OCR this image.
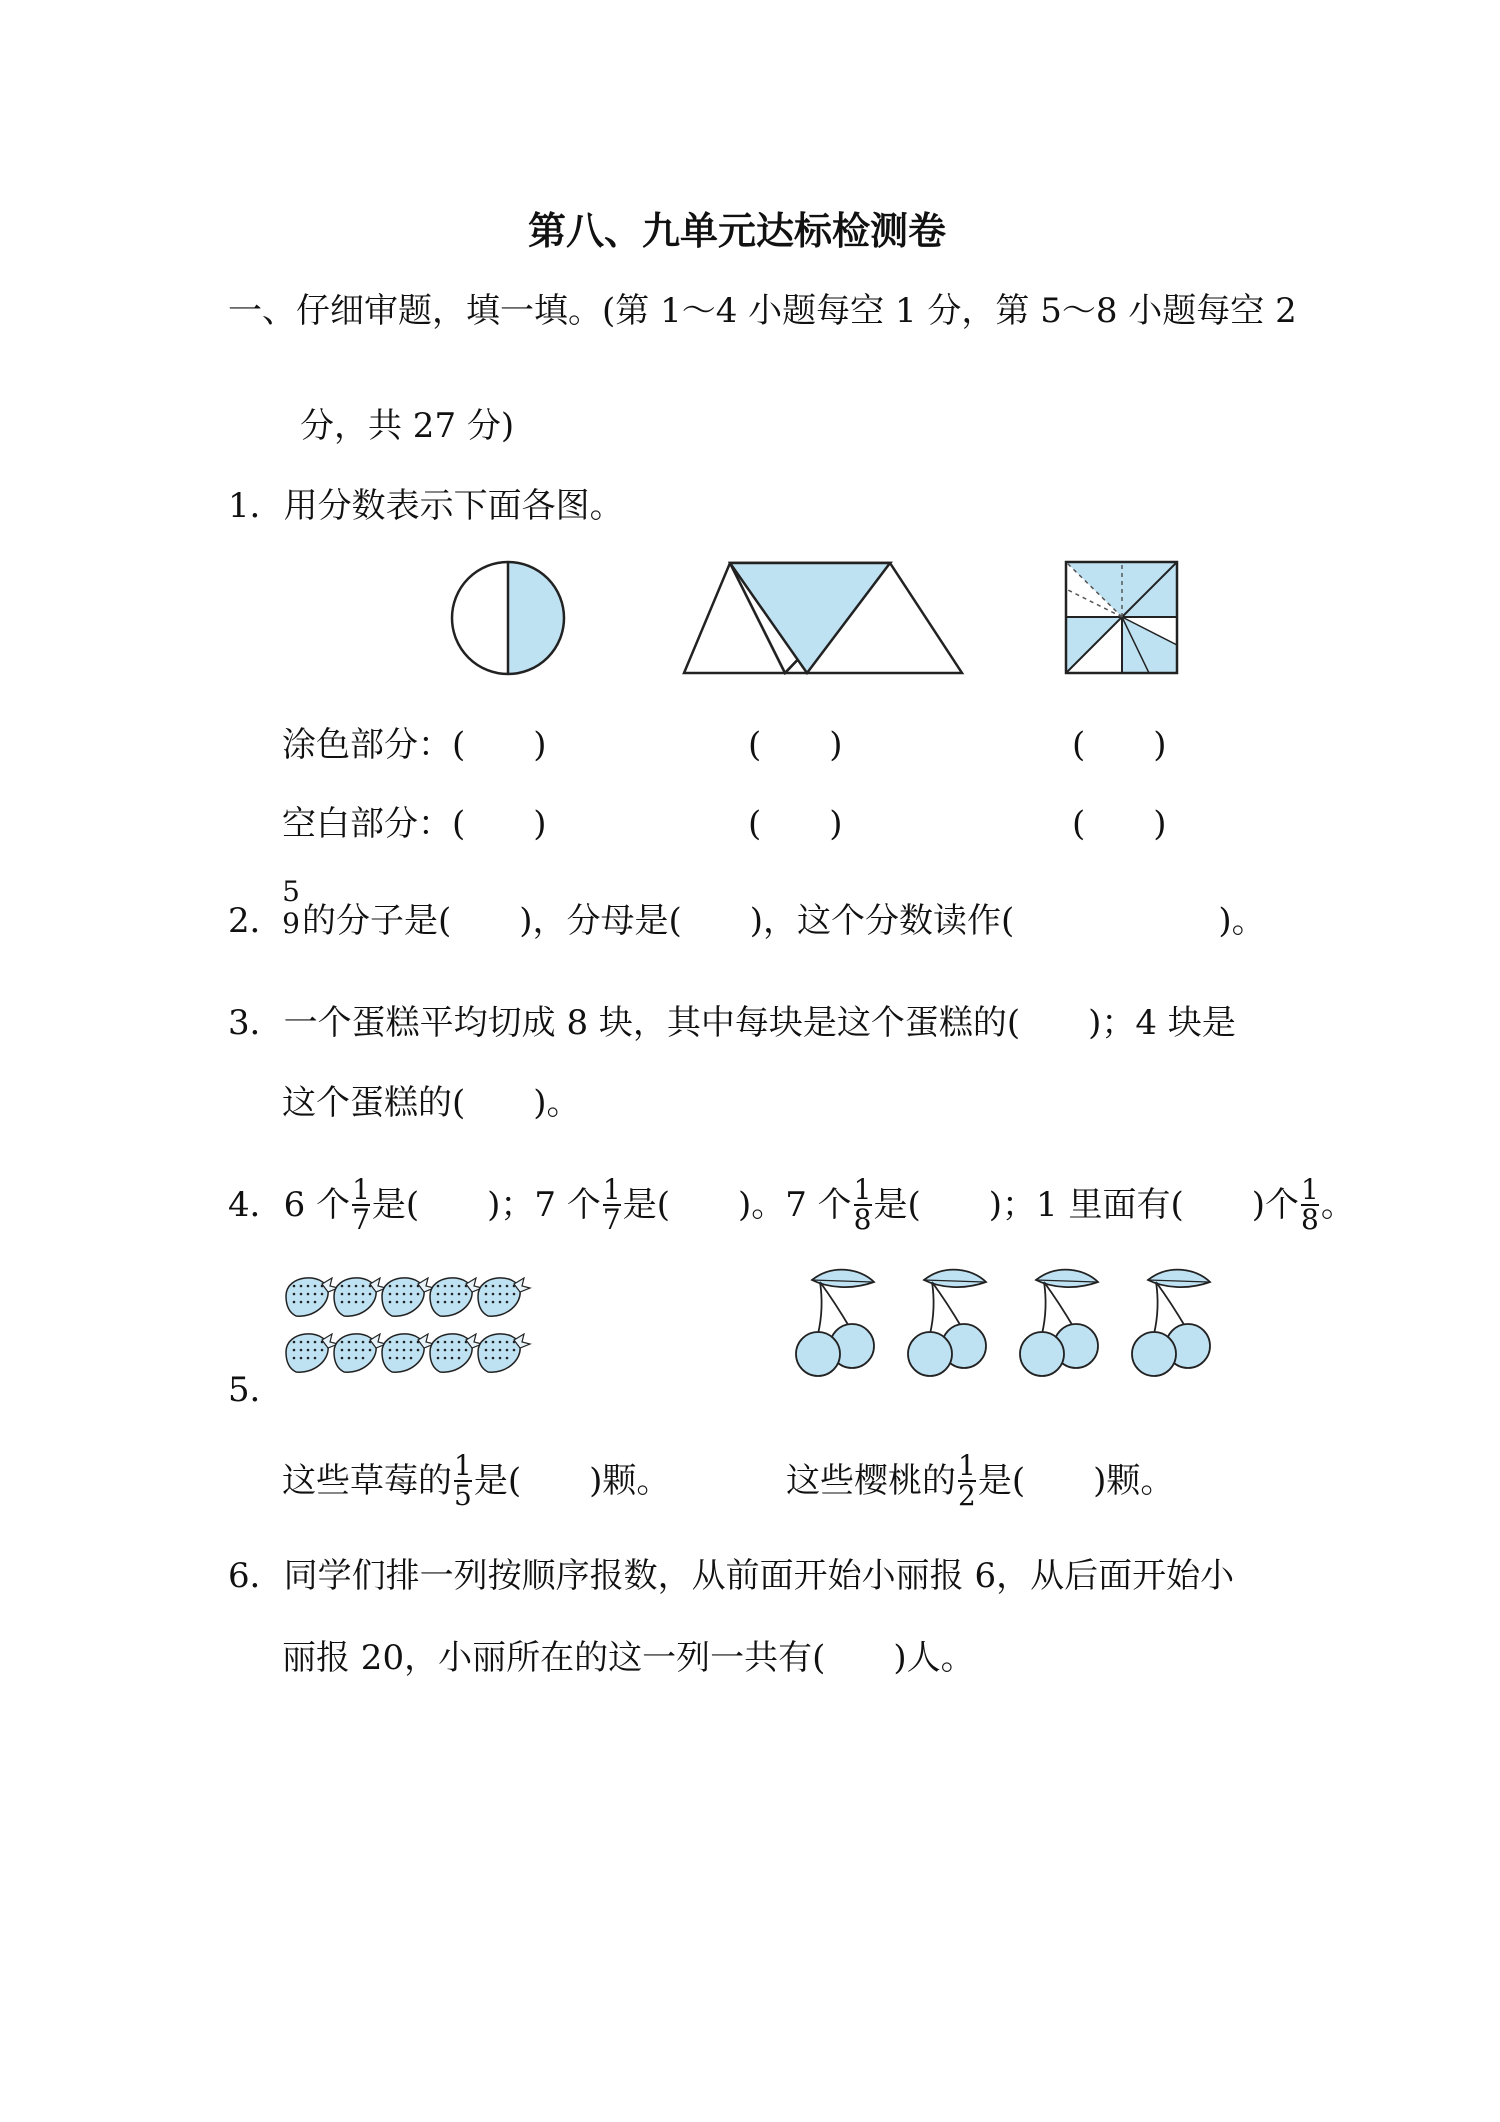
第八、九单元达标检测卷
一、仔细审题，填一填。(第 1～4 小题每空 1 分，第 5～8 小题每空 2
分，共 27 分)
1．用分数表示下面各图。
涂色部分：(　　)	(　　)	(　　)
空白部分：(　　)	(　　)	(　　)
2．
5
9 的分子是(　　)，分母是(　　)，这个分数读作(　　　　　　)。
3．一个蛋糕平均切成 8 块，其中每块是这个蛋糕的(　　)；4 块是
这个蛋糕的(　　)。
4．6 个 $\frac{1}{7}$ 是(　　)；7 个 $\frac{1}{7}$ 是(　　)。7 个 $\frac{1}{8}$ 是(　　)；1 里面有(　　)个 $\frac{1}{8}$ 。
5．
这些草莓的 $\frac{1}{5}$ 是(　　)颗。	这些樱桃的 $\frac{1}{2}$ 是(　　)颗。
6．同学们排一列按顺序报数，从前面开始小丽报 6，从后面开始小
丽报 20，小丽所在的这一列一共有(　　)人。
